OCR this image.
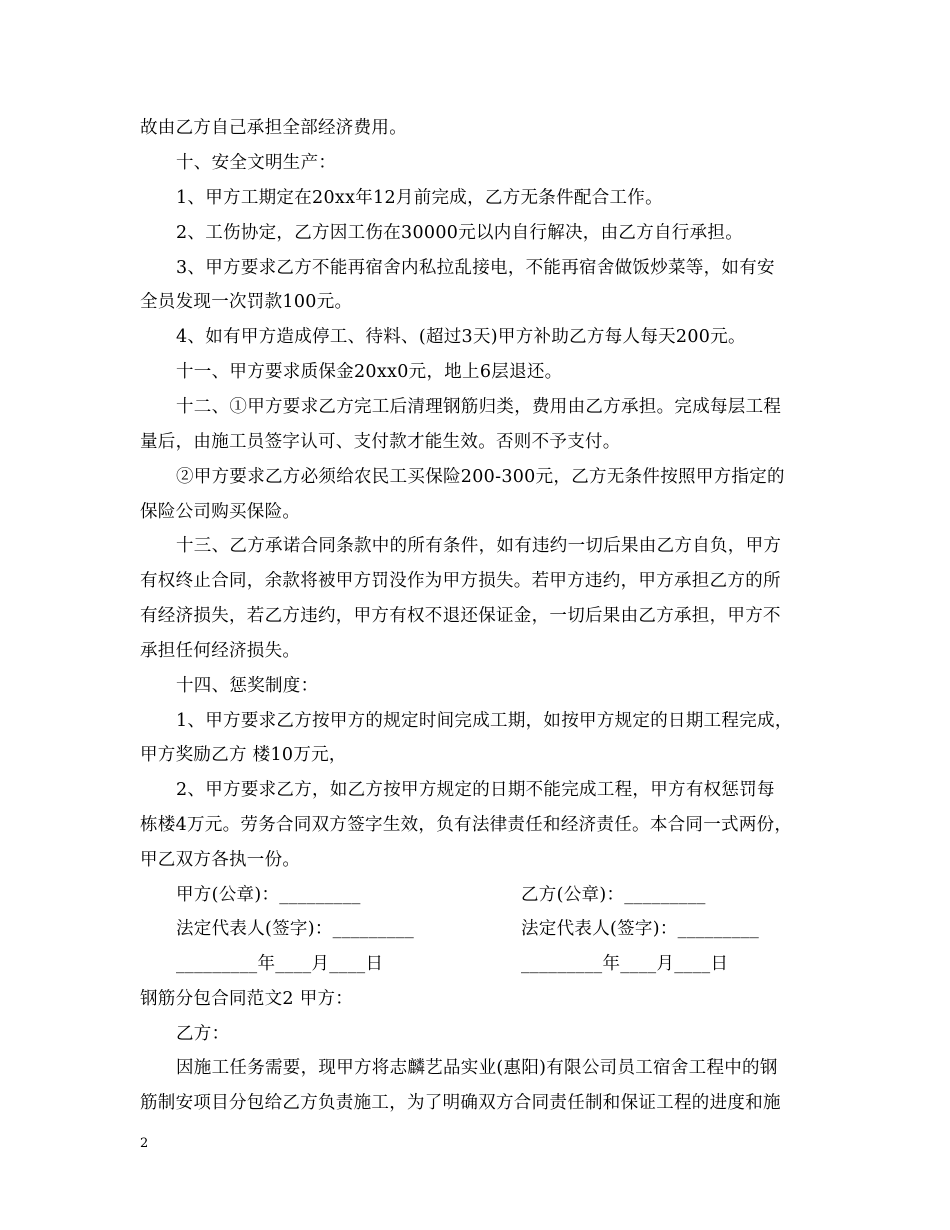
故由乙方自己承担全部经济费用。
十、安全文明生产：
1、甲方工期定在20xx年12月前完成，乙方无条件配合工作。
2、工伤协定，乙方因工伤在30000元以内自行解决，由乙方自行承担。
3、甲方要求乙方不能再宿舍内私拉乱接电，不能再宿舍做饭炒菜等，如有安
全员发现一次罚款100元。
4、如有甲方造成停工、待料、(超过3天)甲方补助乙方每人每天200元。
十一、甲方要求质保金20xx0元，地上6层退还。
十二、①甲方要求乙方完工后清理钢筋归类，费用由乙方承担。完成每层工程
量后，由施工员签字认可、支付款才能生效。否则不予支付。
②甲方要求乙方必须给农民工买保险200-300元，乙方无条件按照甲方指定的
保险公司购买保险。
十三、乙方承诺合同条款中的所有条件，如有违约一切后果由乙方自负，甲方
有权终止合同，余款将被甲方罚没作为甲方损失。若甲方违约，甲方承担乙方的所
有经济损失，若乙方违约，甲方有权不退还保证金，一切后果由乙方承担，甲方不
承担任何经济损失。
十四、惩奖制度：
1、甲方要求乙方按甲方的规定时间完成工期，如按甲方规定的日期工程完成，
甲方奖励乙方 楼10万元，
2、甲方要求乙方，如乙方按甲方规定的日期不能完成工程，甲方有权惩罚每
栋楼4万元。劳务合同双方签字生效，负有法律责任和经济责任。本合同一式两份，
甲乙双方各执一份。
甲方(公章)：_________	乙方(公章)：_________
法定代表人(签字)：_________	法定代表人(签字)：_________
_________年____月____日	_________年____月____日
钢筋分包合同范文2 甲方：
乙方：
因施工任务需要，现甲方将志麟艺品实业(惠阳)有限公司员工宿舍工程中的钢
筋制安项目分包给乙方负责施工，为了明确双方合同责任制和保证工程的进度和施
2
